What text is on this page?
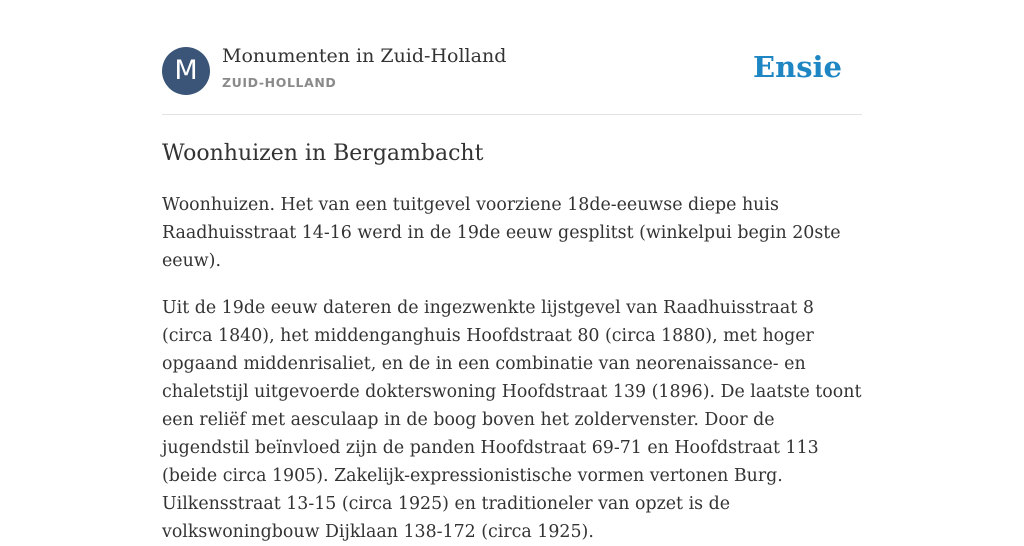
M	Monumenten in Zuid-Holland
ZUID-HOLLAND	Ensie
Woonhuizen in Bergambacht

Woonhuizen. Het van een tuitgevel voorziene 18de-eeuwse diepe huis Raadhuisstraat 14-16 werd in de 19de eeuw gesplitst (winkelpui begin 20ste eeuw).

Uit de 19de eeuw dateren de ingezwenkte lijstgevel van Raadhuisstraat 8 (circa 1840), het middenganghuis Hoofdstraat 80 (circa 1880), met hoger opgaand middenrisaliet, en de in een combinatie van neorenaissance- en chaletstijl uitgevoerde dokterswoning Hoofdstraat 139 (1896). De laatste toont een reliëf met aesculaap in de boog boven het zoldervenster. Door de jugendstil beïnvloed zijn de panden Hoofdstraat 69-71 en Hoofdstraat 113 (beide circa 1905). Zakelijk-expressionistische vormen vertonen Burg. Uilkensstraat 13-15 (circa 1925) en traditioneler van opzet is de volkswoningbouw Dijklaan 138-172 (circa 1925).
